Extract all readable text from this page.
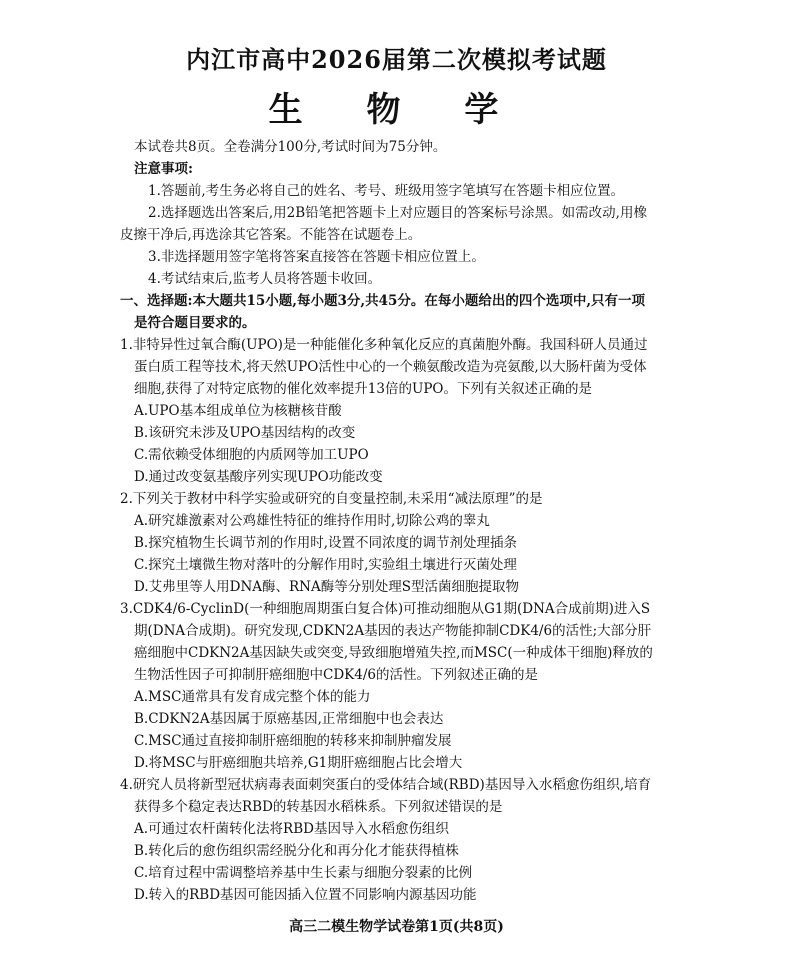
内江市高中2026届第二次模拟考试题
生 物 学
本试卷共8页。全卷满分100分,考试时间为75分钟。
注意事项:
1.答题前,考生务必将自己的姓名、考号、班级用签字笔填写在答题卡相应位置。
2.选择题选出答案后,用2B铅笔把答题卡上对应题目的答案标号涂黑。如需改动,用橡
皮擦干净后,再选涂其它答案。不能答在试题卷上。
3.非选择题用签字笔将答案直接答在答题卡相应位置上。
4.考试结束后,监考人员将答题卡收回。
一、选择题:本大题共15小题,每小题3分,共45分。在每小题给出的四个选项中,只有一项
是符合题目要求的。
1.非特异性过氧合酶(UPO)是一种能催化多种氧化反应的真菌胞外酶。我国科研人员通过
蛋白质工程等技术,将天然UPO活性中心的一个赖氨酸改造为亮氨酸,以大肠杆菌为受体
细胞,获得了对特定底物的催化效率提升13倍的UPO。下列有关叙述正确的是
A.UPO基本组成单位为核糖核苷酸
B.该研究未涉及UPO基因结构的改变
C.需依赖受体细胞的内质网等加工UPO
D.通过改变氨基酸序列实现UPO功能改变
2.下列关于教材中科学实验或研究的自变量控制,未采用“减法原理”的是
A.研究雄激素对公鸡雄性特征的维持作用时,切除公鸡的睾丸
B.探究植物生长调节剂的作用时,设置不同浓度的调节剂处理插条
C.探究土壤微生物对落叶的分解作用时,实验组土壤进行灭菌处理
D.艾弗里等人用DNA酶、RNA酶等分别处理S型活菌细胞提取物
3.CDK4/6-CyclinD(一种细胞周期蛋白复合体)可推动细胞从G1期(DNA合成前期)进入S
期(DNA合成期)。研究发现,CDKN2A基因的表达产物能抑制CDK4/6的活性;大部分肝
癌细胞中CDKN2A基因缺失或突变,导致细胞增殖失控,而MSC(一种成体干细胞)释放的
生物活性因子可抑制肝癌细胞中CDK4/6的活性。下列叙述正确的是
A.MSC通常具有发育成完整个体的能力
B.CDKN2A基因属于原癌基因,正常细胞中也会表达
C.MSC通过直接抑制肝癌细胞的转移来抑制肿瘤发展
D.将MSC与肝癌细胞共培养,G1期肝癌细胞占比会增大
4.研究人员将新型冠状病毒表面刺突蛋白的受体结合域(RBD)基因导入水稻愈伤组织,培育
获得多个稳定表达RBD的转基因水稻株系。下列叙述错误的是
A.可通过农杆菌转化法将RBD基因导入水稻愈伤组织
B.转化后的愈伤组织需经脱分化和再分化才能获得植株
C.培育过程中需调整培养基中生长素与细胞分裂素的比例
D.转入的RBD基因可能因插入位置不同影响内源基因功能
高三二模生物学试卷第1页(共8页)
